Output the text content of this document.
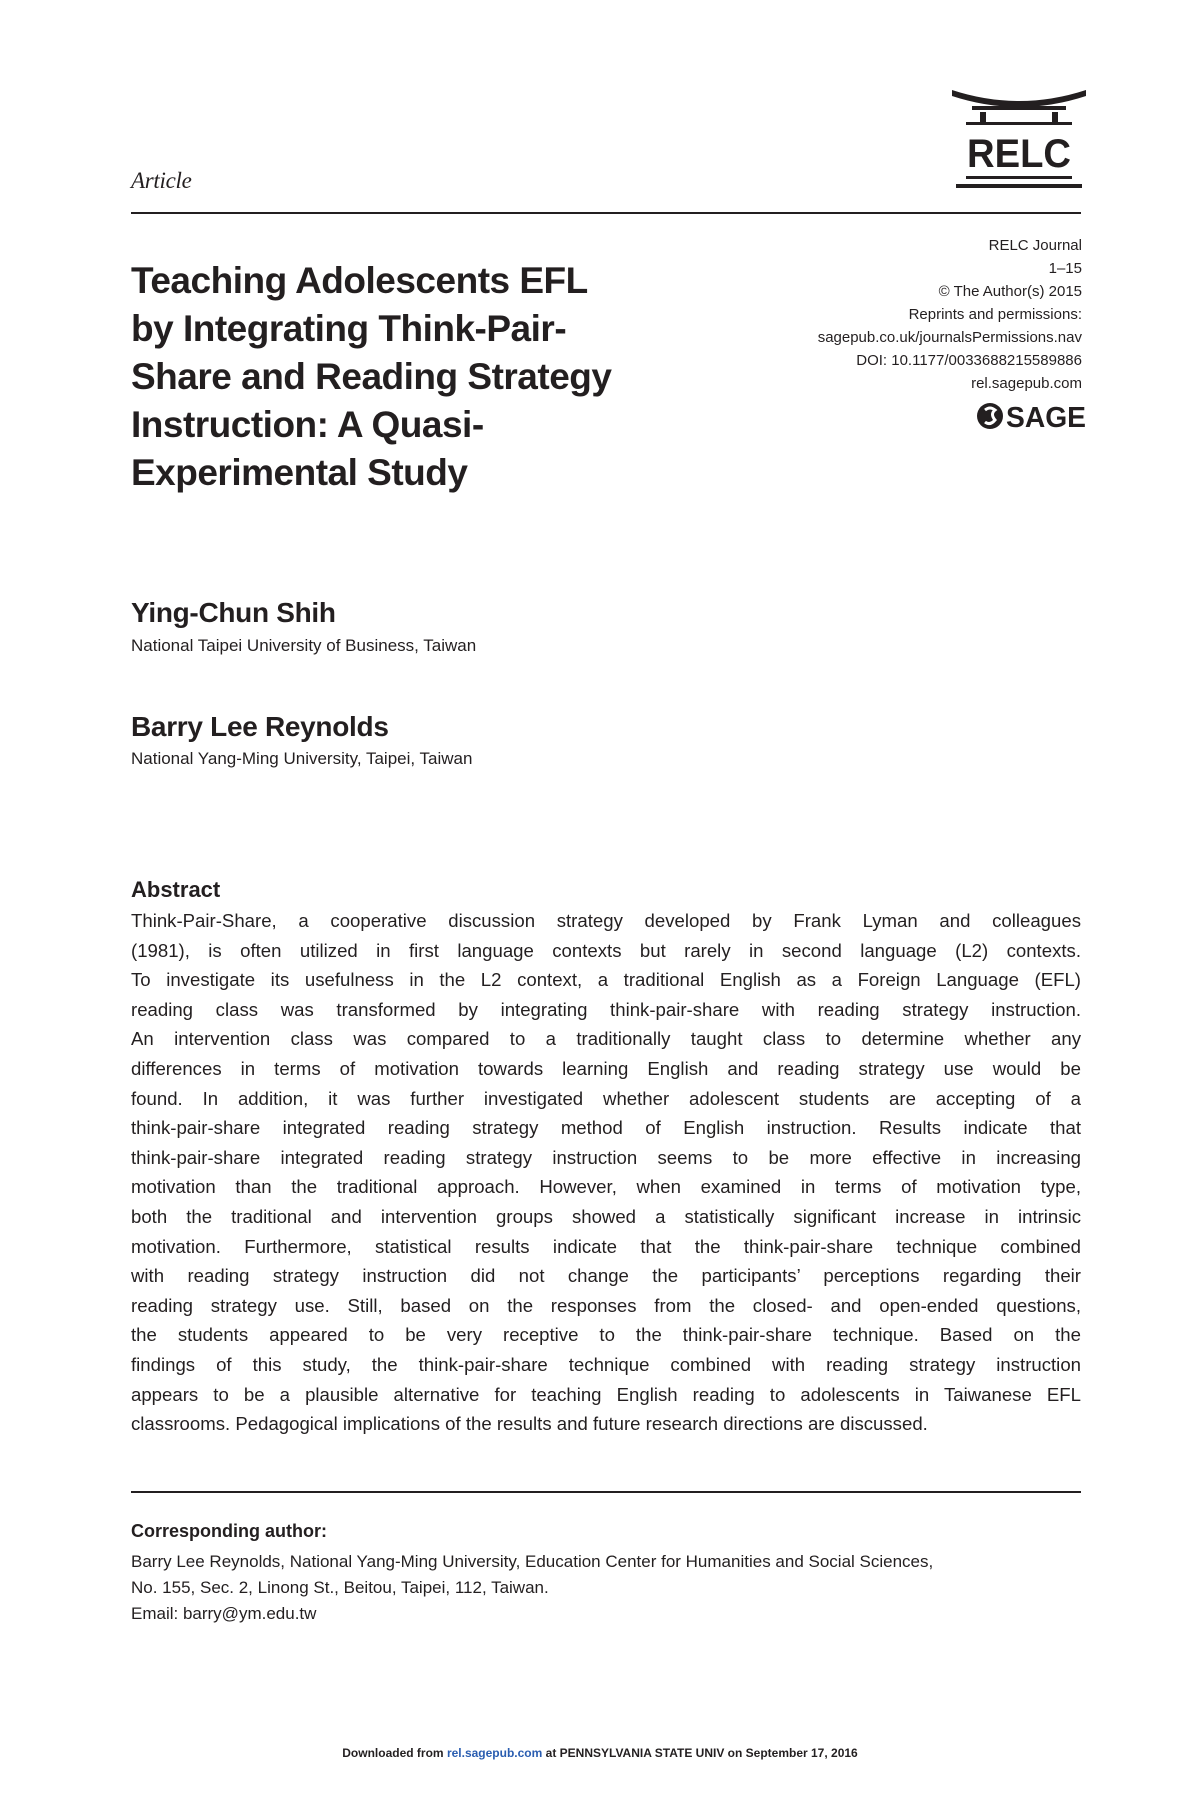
Article
RELC
RELC Journal
1–15
© The Author(s) 2015
Reprints and permissions:
sagepub.co.uk/journalsPermissions.nav
DOI: 10.1177/0033688215589886
rel.sagepub.com
SAGE
Teaching Adolescents EFL
by Integrating Think-Pair-
Share and Reading Strategy
Instruction: A Quasi-
Experimental Study
Ying-Chun Shih
National Taipei University of Business, Taiwan
Barry Lee Reynolds
National Yang-Ming University, Taipei, Taiwan
Abstract
Think-Pair-Share, a cooperative discussion strategy developed by Frank Lyman and colleagues
(1981), is often utilized in first language contexts but rarely in second language (L2) contexts.
To investigate its usefulness in the L2 context, a traditional English as a Foreign Language (EFL)
reading class was transformed by integrating think-pair-share with reading strategy instruction.
An intervention class was compared to a traditionally taught class to determine whether any
differences in terms of motivation towards learning English and reading strategy use would be
found. In addition, it was further investigated whether adolescent students are accepting of a
think-pair-share integrated reading strategy method of English instruction. Results indicate that
think-pair-share integrated reading strategy instruction seems to be more effective in increasing
motivation than the traditional approach. However, when examined in terms of motivation type,
both the traditional and intervention groups showed a statistically significant increase in intrinsic
motivation. Furthermore, statistical results indicate that the think-pair-share technique combined
with reading strategy instruction did not change the participants’ perceptions regarding their
reading strategy use. Still, based on the responses from the closed- and open-ended questions,
the students appeared to be very receptive to the think-pair-share technique. Based on the
findings of this study, the think-pair-share technique combined with reading strategy instruction
appears to be a plausible alternative for teaching English reading to adolescents in Taiwanese EFL
classrooms. Pedagogical implications of the results and future research directions are discussed.
Corresponding author:
Barry Lee Reynolds, National Yang-Ming University, Education Center for Humanities and Social Sciences,
No. 155, Sec. 2, Linong St., Beitou, Taipei, 112, Taiwan.
Email: barry@ym.edu.tw
Downloaded from rel.sagepub.com at PENNSYLVANIA STATE UNIV on September 17, 2016
